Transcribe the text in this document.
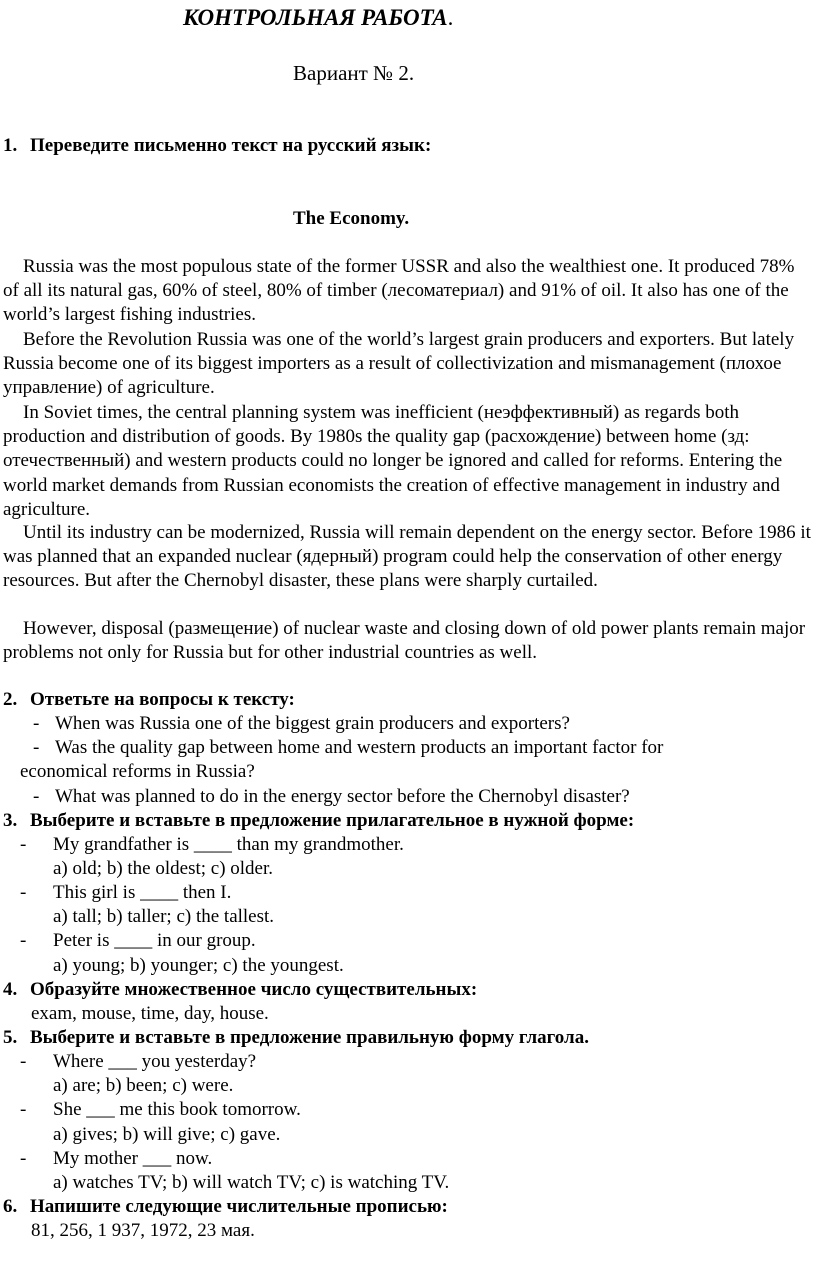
КОНТРОЛЬНАЯ РАБОТА.
Вариант № 2.
1. Переведите письменно текст на русский язык:
The Economy.

Russia was the most populous state of the former USSR and also the wealthiest one. It produced 78% of all its natural gas, 60% of steel, 80% of timber (лесоматериал) and 91% of oil. It also has one of the world’s largest fishing industries.

Before the Revolution Russia was one of the world’s largest grain producers and exporters. But lately Russia become one of its biggest importers as a result of collectivization and mismanagement (плохое управление) of agriculture.

In Soviet times, the central planning system was inefficient (неэффективный) as regards both production and distribution of goods. By 1980s the quality gap (расхождение) between home (зд: отечественный) and western products could no longer be ignored and called for reforms. Entering the world market demands from Russian economists the creation of effective management in industry and agriculture.

Until its industry can be modernized, Russia will remain dependent on the energy sector. Before 1986 it was planned that an expanded nuclear (ядерный) program could help the conservation of other energy resources. But after the Chernobyl disaster, these plans were sharply curtailed.

However, disposal (размещение) of nuclear waste and closing down of old power plants remain major problems not only for Russia but for other industrial countries as well.

2. Ответьте на вопросы к тексту:
- When was Russia one of the biggest grain producers and exporters?
- Was the quality gap between home and western products an important factor for
economical reforms in Russia?
- What was planned to do in the energy sector before the Chernobyl disaster?
3. Выберите и вставьте в предложение прилагательное в нужной форме:
- My grandfather is ____ than my grandmother.
a) old; b) the oldest; c) older.
- This girl is ____ then I.
a) tall; b) taller; c) the tallest.
- Peter is ____ in our group.
a) young; b) younger; c) the youngest.
4. Образуйте множественное число существительных:
exam, mouse, time, day, house.
5. Выберите и вставьте в предложение правильную форму глагола.
- Where ___ you yesterday?
a) are; b) been; c) were.
- She ___ me this book tomorrow.
a) gives; b) will give; c) gave.
- My mother ___ now.
a) watches TV; b) will watch TV; c) is watching TV.
6. Напишите следующие числительные прописью:
81, 256, 1 937, 1972, 23 мая.
